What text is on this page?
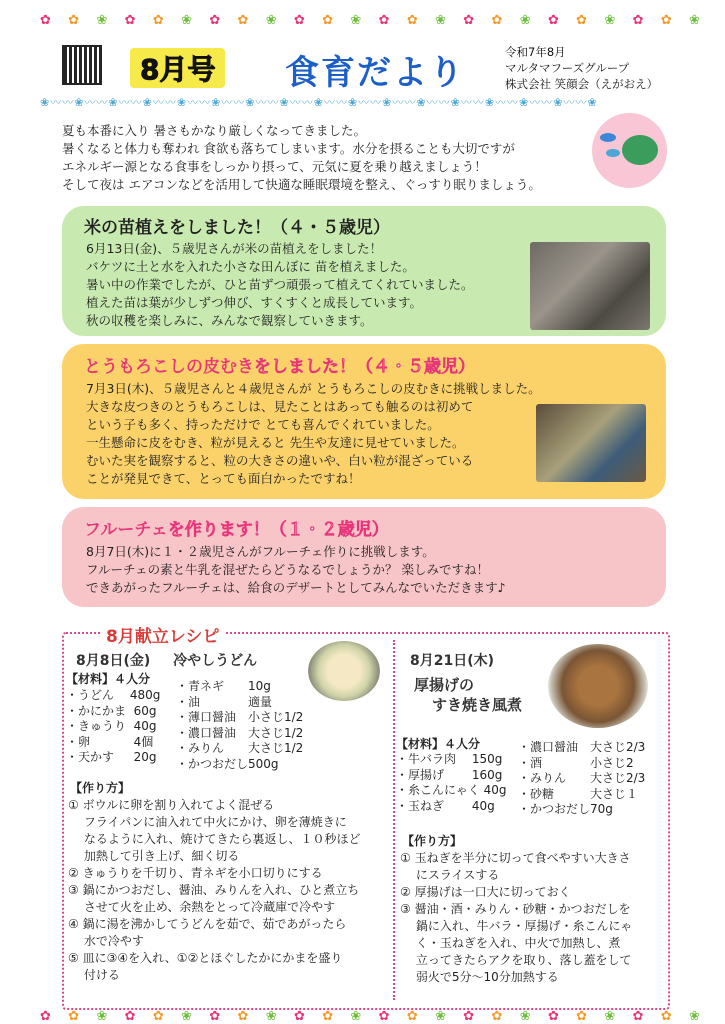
✿ ✿ ❀ ✿ ✿ ❀ ✿ ✿ ❀ ✿ ✿ ❀ ✿ ✿ ❀ ✿ ✿ ❀ ✿ ✿ ❀ ✿ ✿ ❀
8月号 食育だより
令和7年8月
マルタマフーズグループ
株式会社 笑顔会（えがおえ）
❀〰〰❀〰〰❀〰〰❀〰〰❀〰〰❀〰〰❀〰〰❀〰〰❀〰〰❀〰〰❀〰〰❀〰〰❀〰〰❀〰〰❀〰〰❀〰〰❀
夏も本番に入り 暑さもかなり厳しくなってきました。
暑くなると体力も奪われ 食欲も落ちてしまいます。水分を摂ることも大切ですが
エネルギー源となる食事をしっかり摂って、元気に夏を乗り越えましょう！
そして夜は エアコンなどを活用して快適な睡眠環境を整え、ぐっすり眠りましょう。
米の苗植えをしました！（４・５歳児）

6月13日(金)、５歳児さんが米の苗植えをしました！

バケツに土と水を入れた小さな田んぼに 苗を植えました。

暑い中の作業でしたが、ひと苗ずつ頑張って植えてくれていました。

植えた苗は葉が少しずつ伸び、すくすくと成長しています。

秋の収穫を楽しみに、みんなで観察していきます。

とうもろこしの皮むきをしました！（４・５歳児）

7月3日(木)、５歳児さんと４歳児さんが とうもろこしの皮むきに挑戦しました。

大きな皮つきのとうもろこしは、見たことはあっても触るのは初めて

という子も多く、持っただけで とても喜んでくれていました。

一生懸命に皮をむき、粒が見えると 先生や友達に見せていました。

むいた実を観察すると、粒の大きさの違いや、白い粒が混ざっている

ことが発見できて、とっても面白かったですね！

フルーチェを作ります！（１・２歳児）

8月7日(木)に１・２歳児さんがフルーチェ作りに挑戦します。

フルーチェの素と牛乳を混ぜたらどうなるでしょうか？ 楽しみですね！

できあがったフルーチェは、給食のデザートとしてみんなでいただきます♪

8月献立レシピ
8月8日(金) 冷やしうどん
【材料】４人分
・うどん　 480g
・かにかま  60g
・きゅうり  40g
・卵　　　  4個
・天かす　  20g
・青ネギ　　10g
・油　　　　適量
・薄口醤油　小さじ1/2
・濃口醤油　大さじ1/2
・みりん　　大さじ1/2
・かつおだし500g
【作り方】
① ボウルに卵を割り入れてよく混ぜる
　 フライパンに油入れて中火にかけ、卵を薄焼きに
　 なるように入れ、焼けてきたら裏返し、１０秒ほど
　 加熱して引き上げ、細く切る
② きゅうりを千切り、青ネギを小口切りにする
③ 鍋にかつおだし、醤油、みりんを入れ、ひと煮立ち
　 させて火を止め、余熱をとって冷蔵庫で冷やす
④ 鍋に湯を沸かしてうどんを茹で、茹であがったら
　 水で冷やす
⑤ 皿に③④を入れ、①②とほぐしたかにかまを盛り
　 付ける
8月21日(木)
厚揚げの
すき焼き風煮
【材料】４人分
・牛バラ肉　 150g
・厚揚げ　　 160g
・糸こんにゃく 40g
・玉ねぎ　　 40g
・濃口醤油　大さじ2/3
・酒　　　　小さじ2
・みりん　　大さじ2/3
・砂糖　　　大さじ１
・かつおだし70g
【作り方】
① 玉ねぎを半分に切って食べやすい大きさ
　 にスライスする
② 厚揚げは一口大に切っておく
③ 醤油・酒・みりん・砂糖・かつおだしを
　 鍋に入れ、牛バラ・厚揚げ・糸こんにゃ
　 く・玉ねぎを入れ、中火で加熱し、煮
　 立ってきたらアクを取り、落し蓋をして
　 弱火で5分～10分加熱する
✿ ✿ ❀ ✿ ✿ ❀ ✿ ✿ ❀ ✿ ✿ ❀ ✿ ✿ ❀ ✿ ✿ ❀ ✿ ✿ ❀ ✿ ✿ ❀
